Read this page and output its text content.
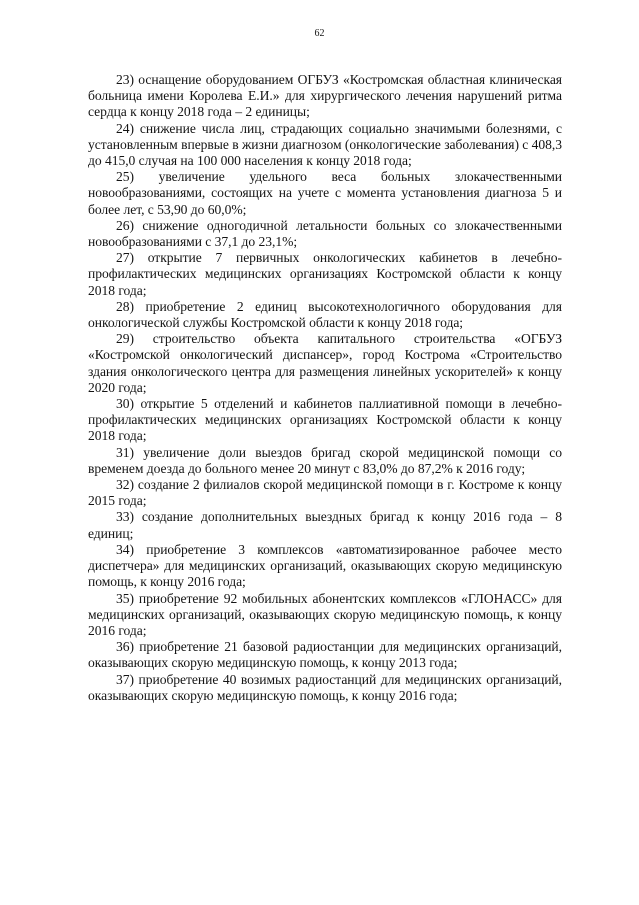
62

23) оснащение оборудованием ОГБУЗ «Костромская областная клиническая больница имени Королева Е.И.» для хирургического лечения нарушений ритма сердца к концу 2018 года – 2 единицы;

24) снижение числа лиц, страдающих социально значимыми болезнями, с установленным впервые в жизни диагнозом (онкологические заболевания) с 408,3 до 415,0 случая на 100 000 населения к концу 2018 года;

25) увеличение удельного веса больных злокачественными новообразованиями, состоящих на учете с момента установления диагноза 5 и более лет, с 53,90 до 60,0%;

26) снижение одногодичной летальности больных со злокачественными новообразованиями с 37,1 до 23,1%;

27) открытие 7 первичных онкологических кабинетов в лечебно-профилактических медицинских организациях Костромской области к концу 2018 года;

28) приобретение 2 единиц высокотехнологичного оборудования для онкологической службы Костромской области к концу 2018 года;

29) строительство объекта капитального строительства «ОГБУЗ «Костромской онкологический диспансер», город Кострома «Строительство здания онкологического центра для размещения линейных ускорителей» к концу 2020 года;

30) открытие 5 отделений и кабинетов паллиативной помощи в лечебно-профилактических медицинских организациях Костромской области к концу 2018 года;

31) увеличение доли выездов бригад скорой медицинской помощи со временем доезда до больного менее 20 минут с 83,0% до 87,2% к 2016 году;

32) создание 2 филиалов скорой медицинской помощи в г. Костроме к концу 2015 года;

33) создание дополнительных выездных бригад к концу 2016 года – 8 единиц;

34) приобретение 3 комплексов «автоматизированное рабочее место диспетчера» для медицинских организаций, оказывающих скорую медицинскую помощь, к концу 2016 года;

35) приобретение 92 мобильных абонентских комплексов «ГЛОНАСС» для медицинских организаций, оказывающих скорую медицинскую помощь, к концу 2016 года;

36) приобретение 21 базовой радиостанции для медицинских организаций, оказывающих скорую медицинскую помощь, к концу 2013 года;

37) приобретение 40 возимых радиостанций для медицинских организаций, оказывающих скорую медицинскую помощь, к концу 2016 года;
